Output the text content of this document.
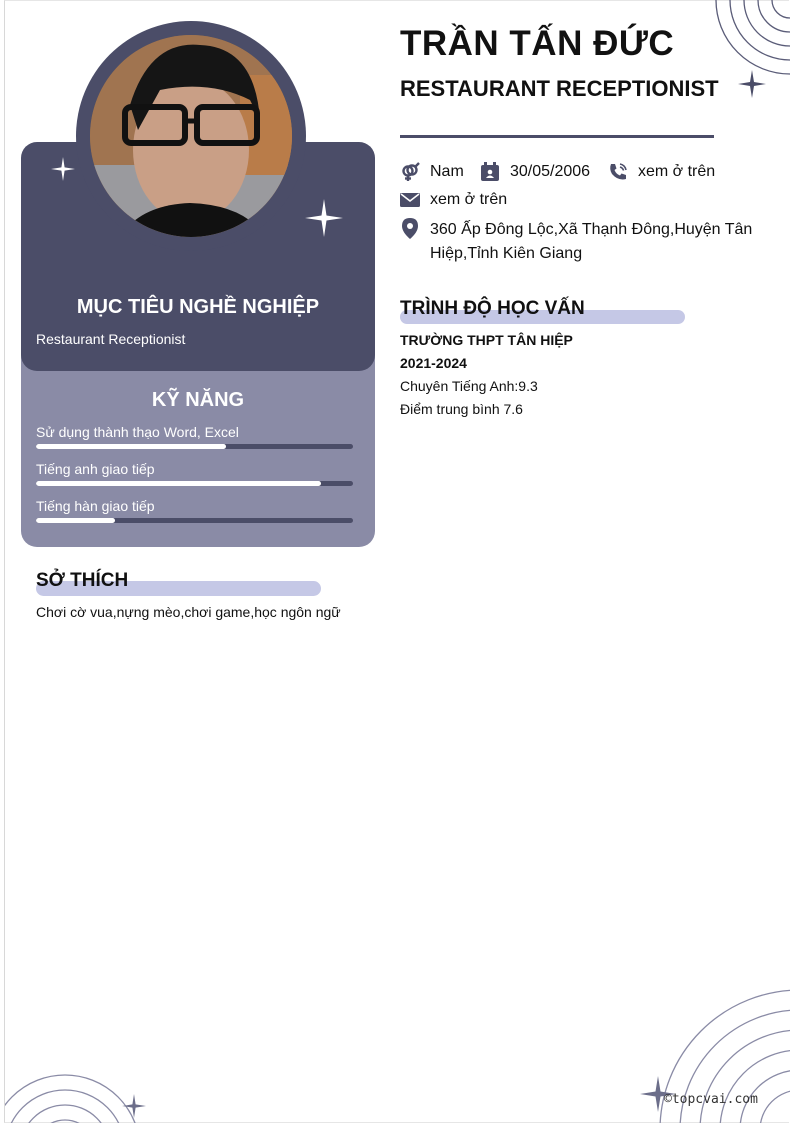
MỤC TIÊU NGHỀ NGHIỆP
Restaurant Receptionist
KỸ NĂNG
Sử dụng thành thạo Word, Excel
Tiếng anh giao tiếp
Tiếng hàn giao tiếp
SỞ THÍCH
Chơi cờ vua,nựng mèo,chơi game,học ngôn ngữ
TRẦN TẤN ĐỨC
RESTAURANT RECEPTIONIST
Nam	30/05/2006	xem ở trên
xem ở trên
360 Ấp Đông Lộc,Xã Thạnh Đông,Huyện Tân Hiệp,Tỉnh Kiên Giang
TRÌNH ĐỘ HỌC VẤN
TRƯỜNG THPT TÂN HIỆP
2021-2024
Chuyên Tiếng Anh:9.3
Điểm trung bình 7.6
©topcvai.com
